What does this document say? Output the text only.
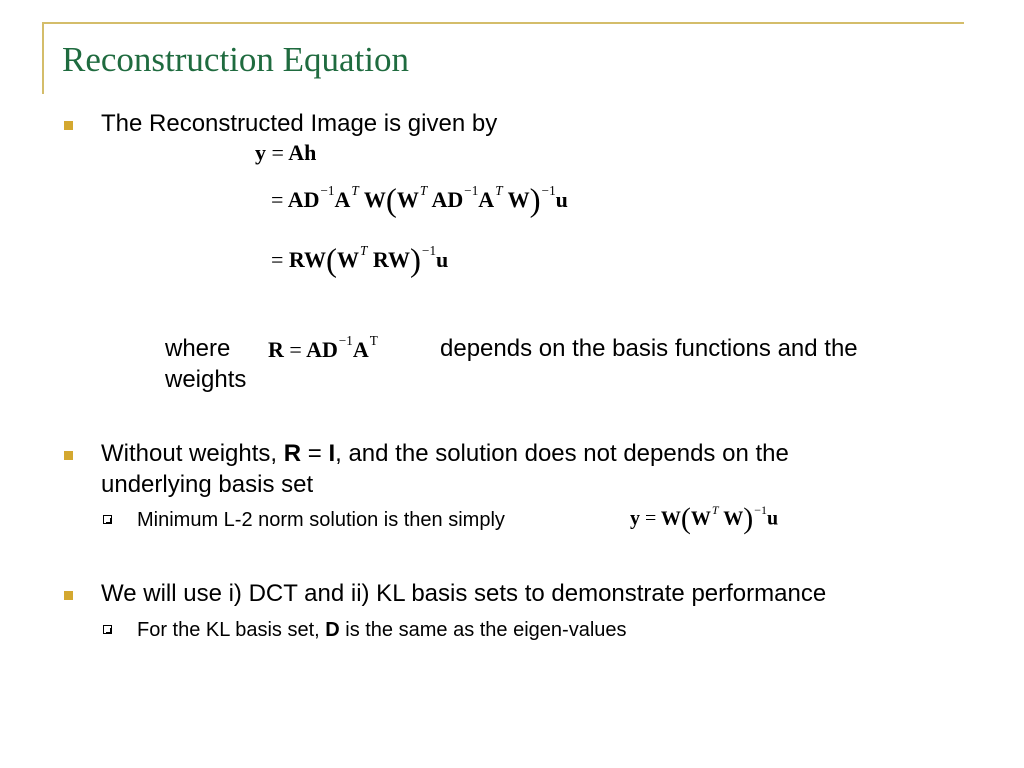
Reconstruction Equation
The Reconstructed Image is given by
y = Ah
= $AD^{-1}A^T$ $W(W^T$ $AD^{-1}A^T$ W)$^{-1}$u
= $RW(W^T$ RW)$^{-1}$u
where $R = AD^{-1}A^T$	depends on the basis functions and the
weights
Without weights, R = I, and the solution does not depends on the
underlying basis set
Minimum L-2 norm solution is then simply	$y = W(W^T$ W)$^{-1}$u
We will use i) DCT and ii) KL basis sets to demonstrate performance
For the KL basis set, D is the same as the eigen-values
